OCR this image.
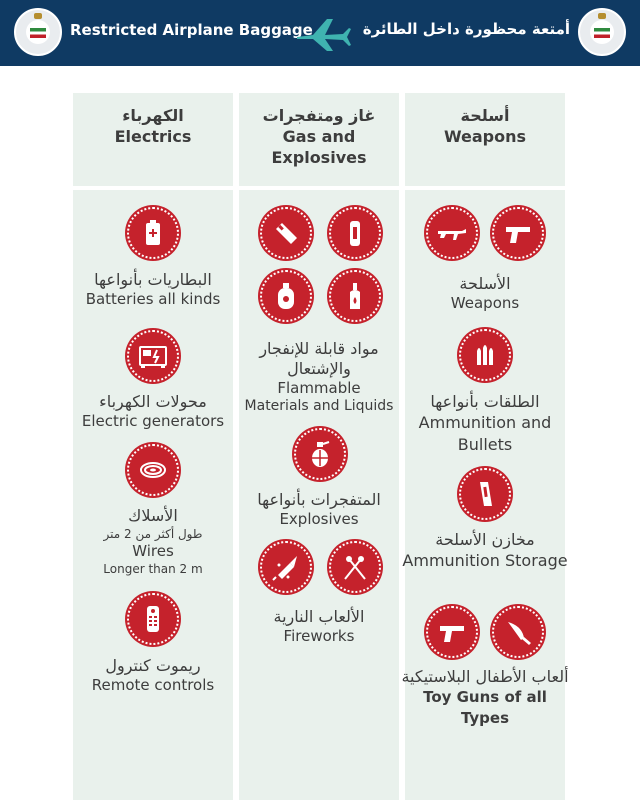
Restricted Airplane Baggage	أمتعة محظورة داخل الطائرة
الكهرباء
Electrics
غاز ومتفجرات
Gas and Explosives
أسلحة
Weapons
البطاريات بأنواعها
Batteries all kinds
محولات الكهرباء
Electric generators
الأسلاك
طول أكثر من 2 متر
Wires
Longer than 2 m
ريموت كنترول
Remote controls
مواد قابلة للإنفجار والإشتعال
Flammable
Materials and Liquids
المتفجرات بأنواعها
Explosives
الألعاب النارية
Fireworks
الأسلحة
Weapons
الطلقات بأنواعها
Ammunition and Bullets
مخازن الأسلحة
Ammunition Storage
ألعاب الأطفال البلاستيكية
Toy Guns of all Types
